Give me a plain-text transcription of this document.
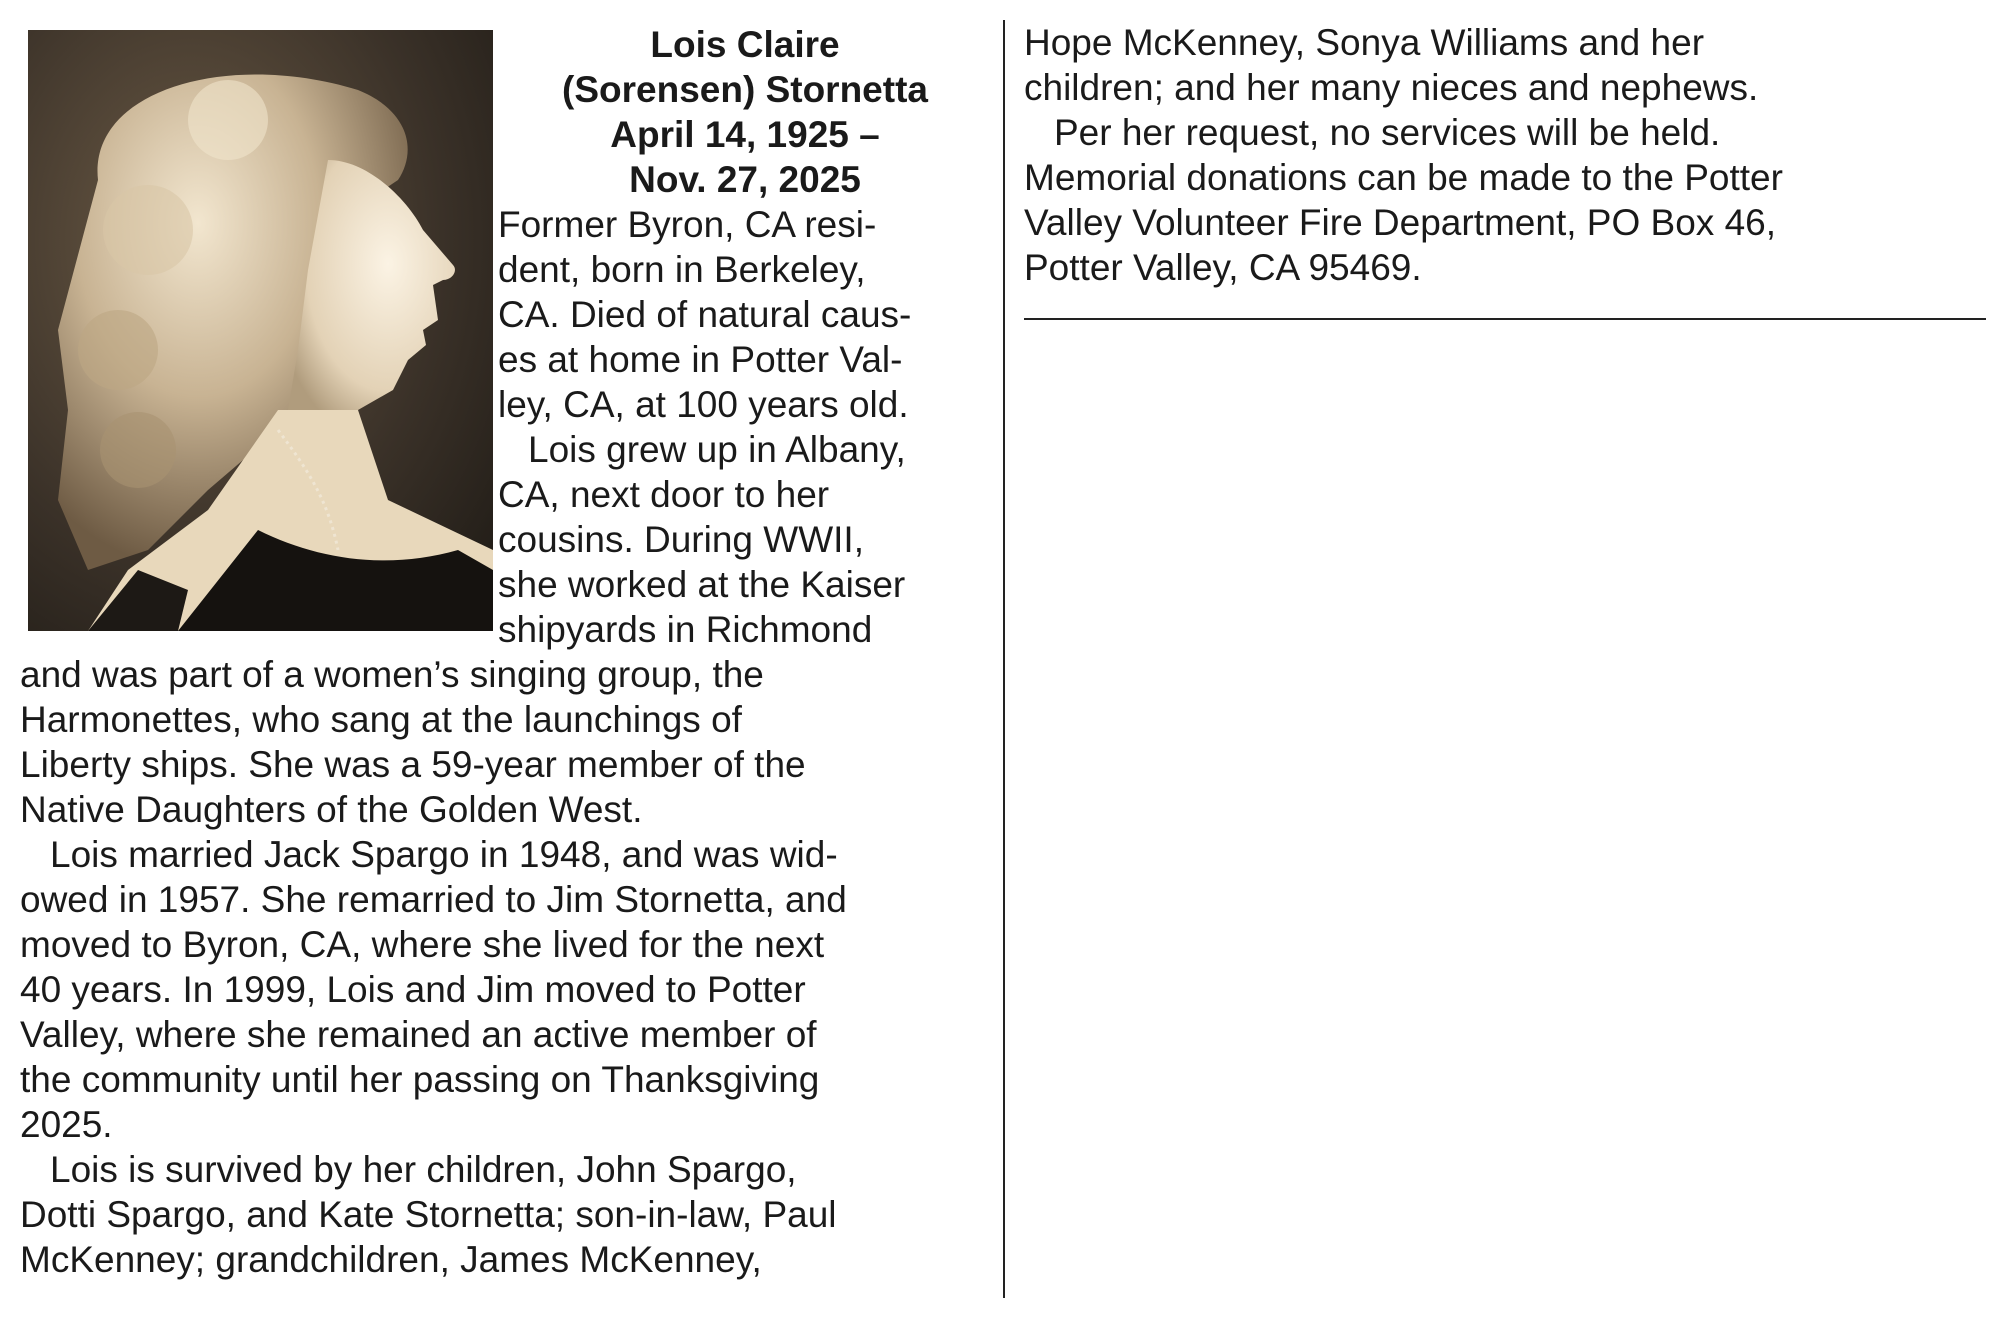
Lois Claire
(Sorensen) Stornetta
April 14, 1925 –
Nov. 27, 2025
Former Byron, CA resi-
dent, born in Berkeley,
CA. Died of natural caus-
es at home in Potter Val-
ley, CA, at 100 years old.
Lois grew up in Albany,
CA, next door to her
cousins. During WWII,
she worked at the Kaiser
shipyards in Richmond
and was part of a women’s singing group, the
Harmonettes, who sang at the launchings of
Liberty ships. She was a 59-year member of the
Native Daughters of the Golden West.
Lois married Jack Spargo in 1948, and was wid-
owed in 1957. She remarried to Jim Stornetta, and
moved to Byron, CA, where she lived for the next
40 years. In 1999, Lois and Jim moved to Potter
Valley, where she remained an active member of
the community until her passing on Thanksgiving
2025.
Lois is survived by her children, John Spargo,
Dotti Spargo, and Kate Stornetta; son-in-law, Paul
McKenney; grandchildren, James McKenney,
Hope McKenney, Sonya Williams and her
children; and her many nieces and nephews.
Per her request, no services will be held.
Memorial donations can be made to the Potter
Valley Volunteer Fire Department, PO Box 46,
Potter Valley, CA 95469.
